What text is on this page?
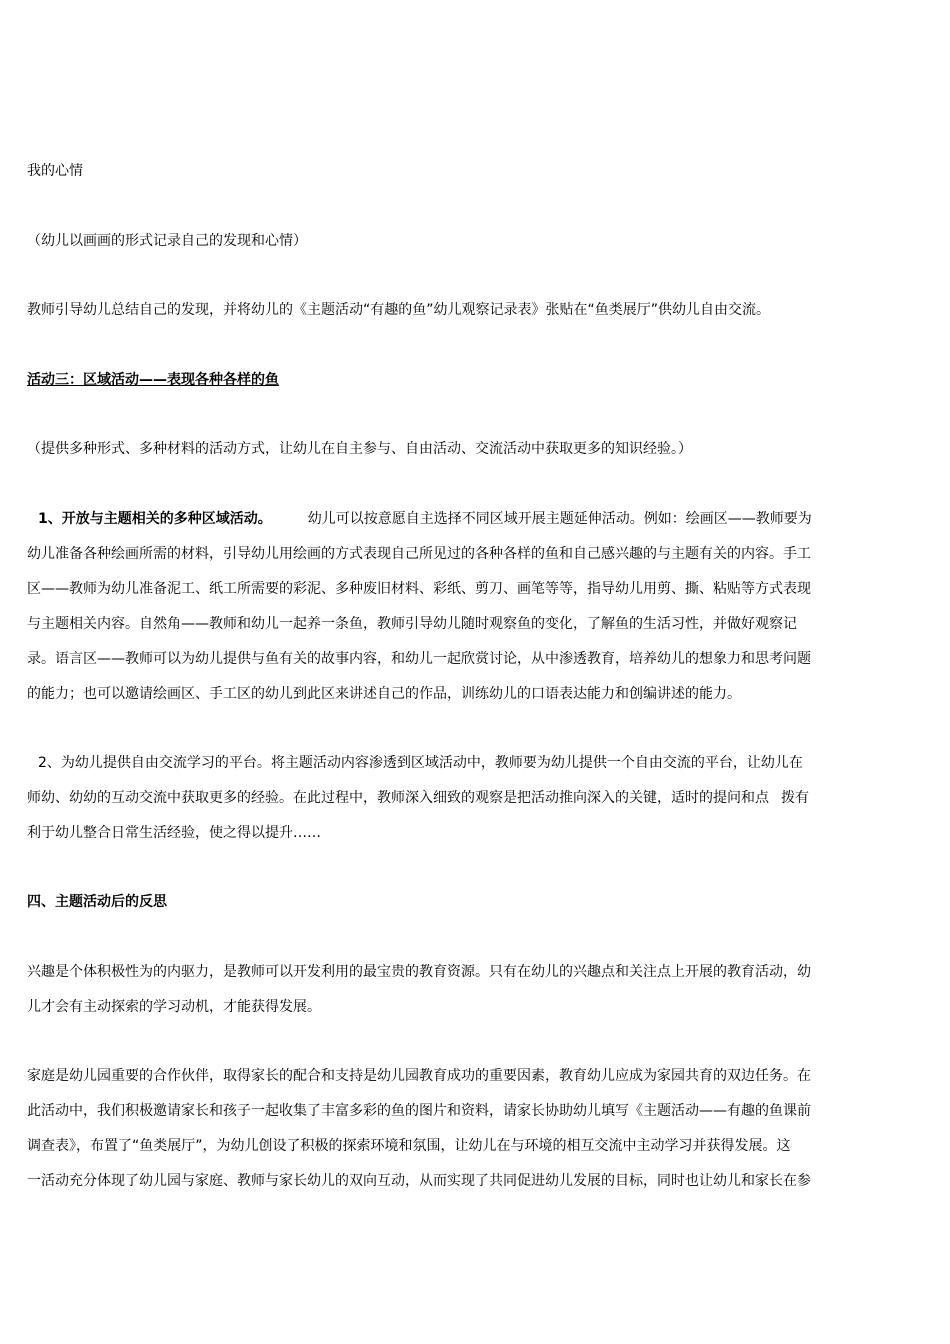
我的心情
（幼儿以画画的形式记录自己的发现和心情）
教师引导幼儿总结自己的发现，并将幼儿的《主题活动“有趣的鱼”幼儿观察记录表》张贴在“鱼类展厅”供幼儿自由交流。
活动三：区域活动——表现各种各样的鱼
（提供多种形式、多种材料的活动方式，让幼儿在自主参与、自由活动、交流活动中获取更多的知识经验。）
1、开放与主题相关的多种区域活动。	幼儿可以按意愿自主选择不同区域开展主题延伸活动。例如：绘画区——教师要为
幼儿准备各种绘画所需的材料，引导幼儿用绘画的方式表现自己所见过的各种各样的鱼和自己感兴趣的与主题有关的内容。手工
区——教师为幼儿准备泥工、纸工所需要的彩泥、多种废旧材料、彩纸、剪刀、画笔等等，指导幼儿用剪、撕、粘贴等方式表现
与主题相关内容。自然角——教师和幼儿一起养一条鱼，教师引导幼儿随时观察鱼的变化，了解鱼的生活习性，并做好观察记
录。语言区——教师可以为幼儿提供与鱼有关的故事内容，和幼儿一起欣赏讨论，从中渗透教育，培养幼儿的想象力和思考问题
的能力；也可以邀请绘画区、手工区的幼儿到此区来讲述自己的作品，训练幼儿的口语表达能力和创编讲述的能力。
2、为幼儿提供自由交流学习的平台。将主题活动内容渗透到区域活动中，教师要为幼儿提供一个自由交流的平台，让幼儿在
师幼、幼幼的互动交流中获取更多的经验。在此过程中，教师深入细致的观察是把活动推向深入的关键，适时的提问和点 拨有
利于幼儿整合日常生活经验，使之得以提升……
四、主题活动后的反思
兴趣是个体积极性为的内驱力，是教师可以开发利用的最宝贵的教育资源。只有在幼儿的兴趣点和关注点上开展的教育活动，幼
儿才会有主动探索的学习动机，才能获得发展。
家庭是幼儿园重要的合作伙伴，取得家长的配合和支持是幼儿园教育成功的重要因素，教育幼儿应成为家园共育的双边任务。在
此活动中，我们积极邀请家长和孩子一起收集了丰富多彩的鱼的图片和资料，请家长协助幼儿填写《主题活动——有趣的鱼课前
调查表》，布置了“鱼类展厅”，为幼儿创设了积极的探索环境和氛围，让幼儿在与环境的相互交流中主动学习并获得发展。这
一活动充分体现了幼儿园与家庭、教师与家长幼儿的双向互动，从而实现了共同促进幼儿发展的目标，同时也让幼儿和家长在参
